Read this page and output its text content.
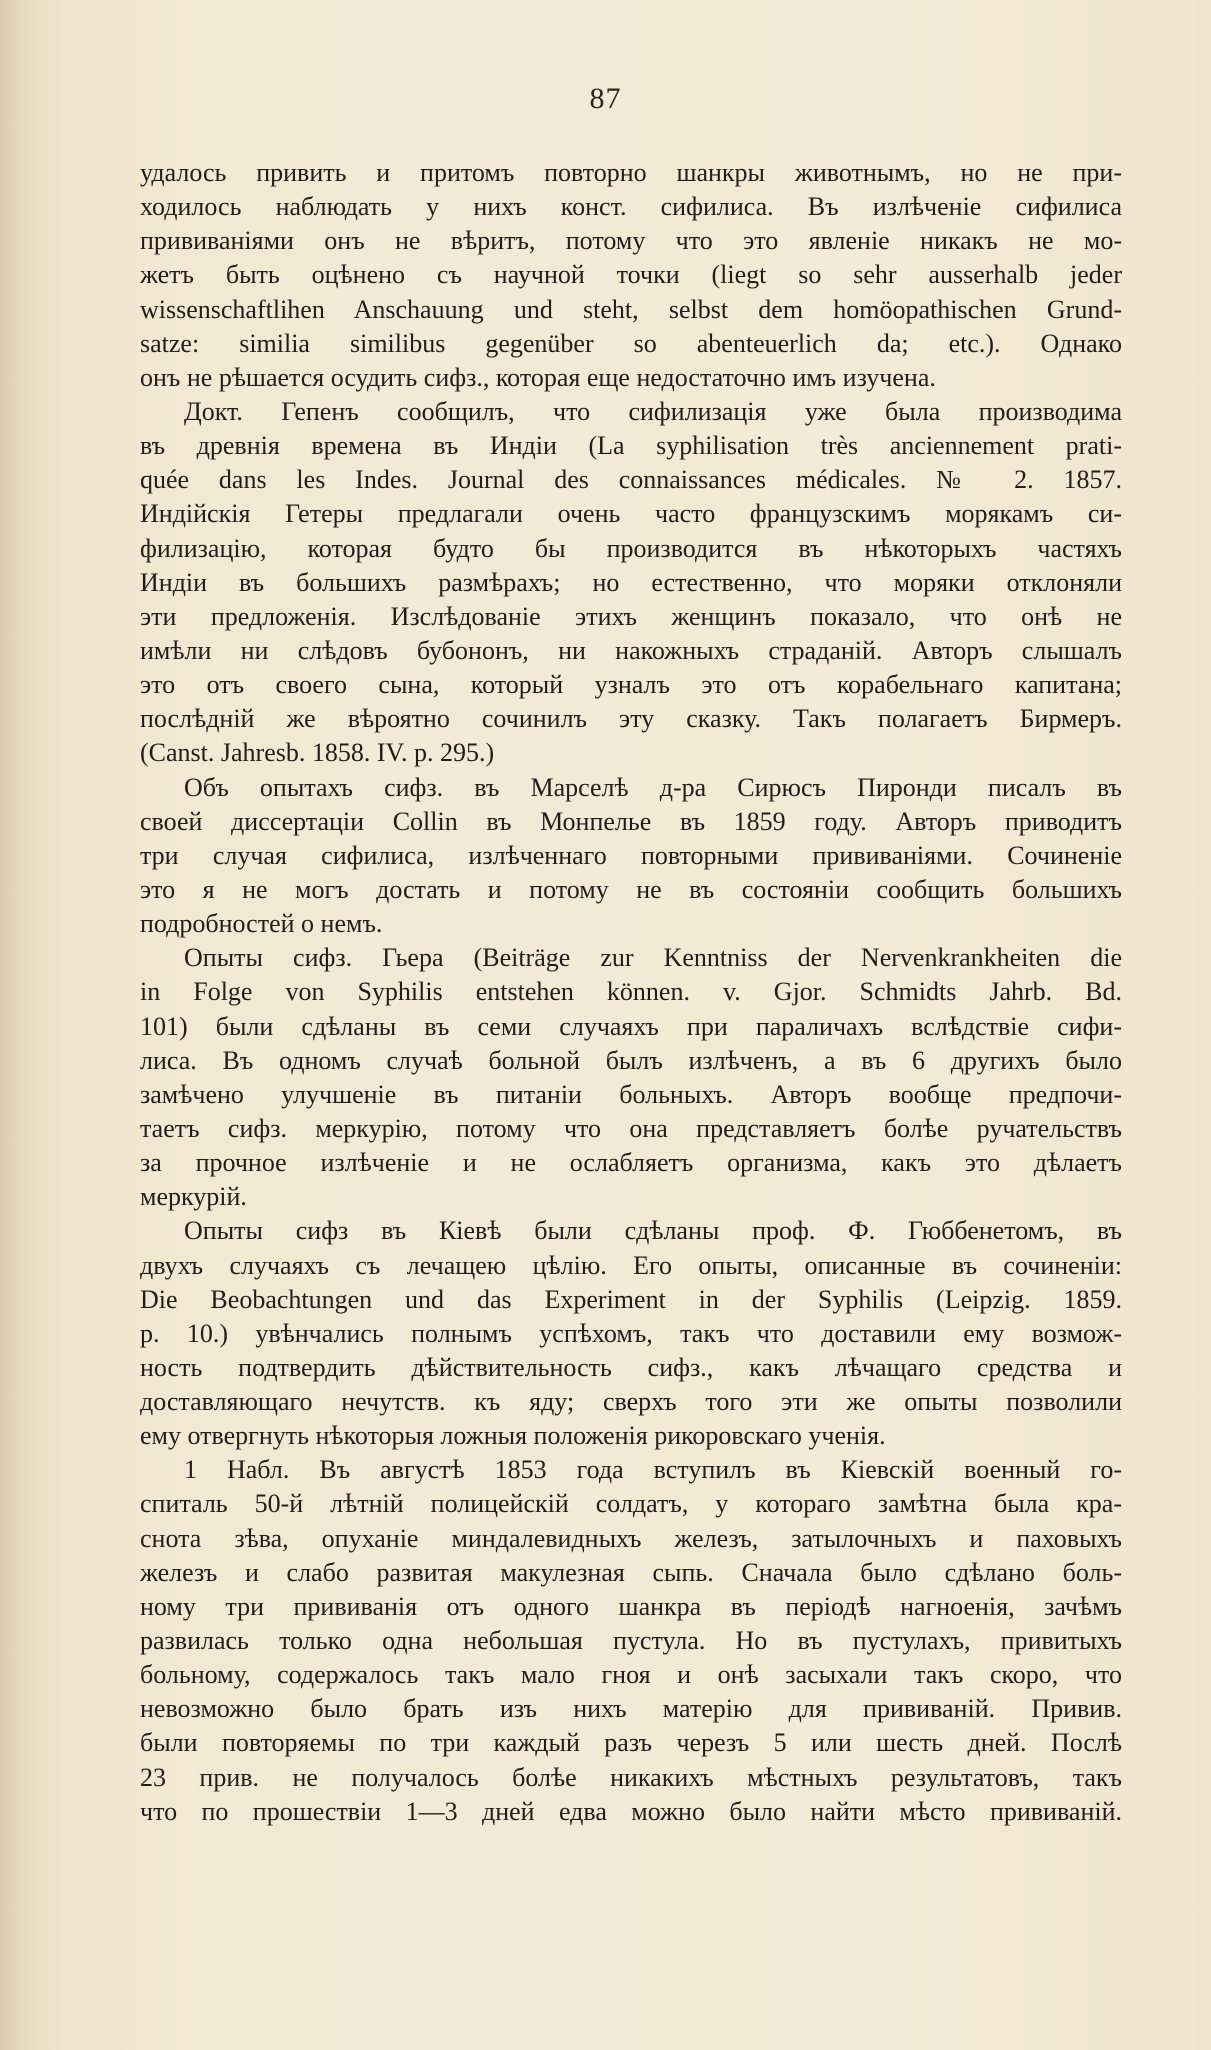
87
удалось привить и притомъ повторно шанкры животнымъ, но не при-
ходилось наблюдать у нихъ конст. сифилиса. Въ излѣченіе сифилиса
прививаніями онъ не вѣритъ, потому что это явленіе никакъ не мо-
жетъ быть оцѣнено съ научной точки (liegt so sehr ausserhalb jeder
wissenschaftlihen Anschauung und steht, selbst dem homöopathischen Grund-
satze: similia similibus gegenüber so abenteuerlich da; etc.). Однако
онъ не рѣшается осудить сифз., которая еще недостаточно имъ изучена.
Докт. Гепенъ сообщилъ, что сифилизація уже была производима
въ древнія времена въ Индіи (La syphilisation très anciennement prati-
quée dans les Indes. Journal des connaissances médicales. № 2. 1857.
Индійскія Гетеры предлагали очень часто французскимъ морякамъ си-
филизацію, которая будто бы производится въ нѣкоторыхъ частяхъ
Индіи въ большихъ размѣрахъ; но естественно, что моряки отклоняли
эти предложенія. Изслѣдованіе этихъ женщинъ показало, что онѣ не
имѣли ни слѣдовъ бубононъ, ни накожныхъ страданій. Авторъ слышалъ
это отъ своего сына, который узналъ это отъ корабельнаго капитана;
послѣдній же вѣроятно сочинилъ эту сказку. Такъ полагаетъ Бирмеръ.
(Canst. Jahresb. 1858. IV. p. 295.)
Объ опытахъ сифз. въ Марселѣ д-ра Сирюсъ Пиронди писалъ въ
своей диссертаціи Collin въ Монпелье въ 1859 году. Авторъ приводитъ
три случая сифилиса, излѣченнаго повторными прививаніями. Сочиненіе
это я не могъ достать и потому не въ состояніи сообщить большихъ
подробностей о немъ.
Опыты сифз. Гьера (Beiträge zur Kenntniss der Nervenkrankheiten die
in Folge von Syphilis entstehen können. v. Gjor. Schmidts Jahrb. Bd.
101) были сдѣланы въ семи случаяхъ при параличахъ вслѣдствіе сифи-
лиса. Въ одномъ случаѣ больной былъ излѣченъ, а въ 6 другихъ было
замѣчено улучшеніе въ питаніи больныхъ. Авторъ вообще предпочи-
таетъ сифз. меркурію, потому что она представляетъ болѣе ручательствъ
за прочное излѣченіе и не ослабляетъ организма, какъ это дѣлаетъ
меркурій.
Опыты сифз въ Кіевѣ были сдѣланы проф. Ф. Гюббенетомъ, въ
двухъ случаяхъ съ лечащею цѣлію. Его опыты, описанные въ сочиненіи:
Die Beobachtungen und das Experiment in der Syphilis (Leipzig. 1859.
p. 10.) увѣнчались полнымъ успѣхомъ, такъ что доставили ему возмож-
ность подтвердить дѣйствительность сифз., какъ лѣчащаго средства и
доставляющаго нечутств. къ яду; сверхъ того эти же опыты позволили
ему отвергнуть нѣкоторыя ложныя положенія рикоровскаго ученія.
1 Набл. Въ августѣ 1853 года вступилъ въ Кіевскій военный го-
спиталь 50-й лѣтній полицейскій солдатъ, у котораго замѣтна была кра-
снота зѣва, опуханіе миндалевидныхъ железъ, затылочныхъ и паховыхъ
железъ и слабо развитая макулезная сыпь. Сначала было сдѣлано боль-
ному три прививанія отъ одного шанкра въ періодѣ нагноенія, зачѣмъ
развилась только одна небольшая пустула. Но въ пустулахъ, привитыхъ
больному, содержалось такъ мало гноя и онѣ засыхали такъ скоро, что
невозможно было брать изъ нихъ матерію для прививаній. Привив.
были повторяемы по три каждый разъ черезъ 5 или шесть дней. Послѣ
23 прив. не получалось болѣе никакихъ мѣстныхъ результатовъ, такъ
что по прошествіи 1—3 дней едва можно было найти мѣсто прививаній.
